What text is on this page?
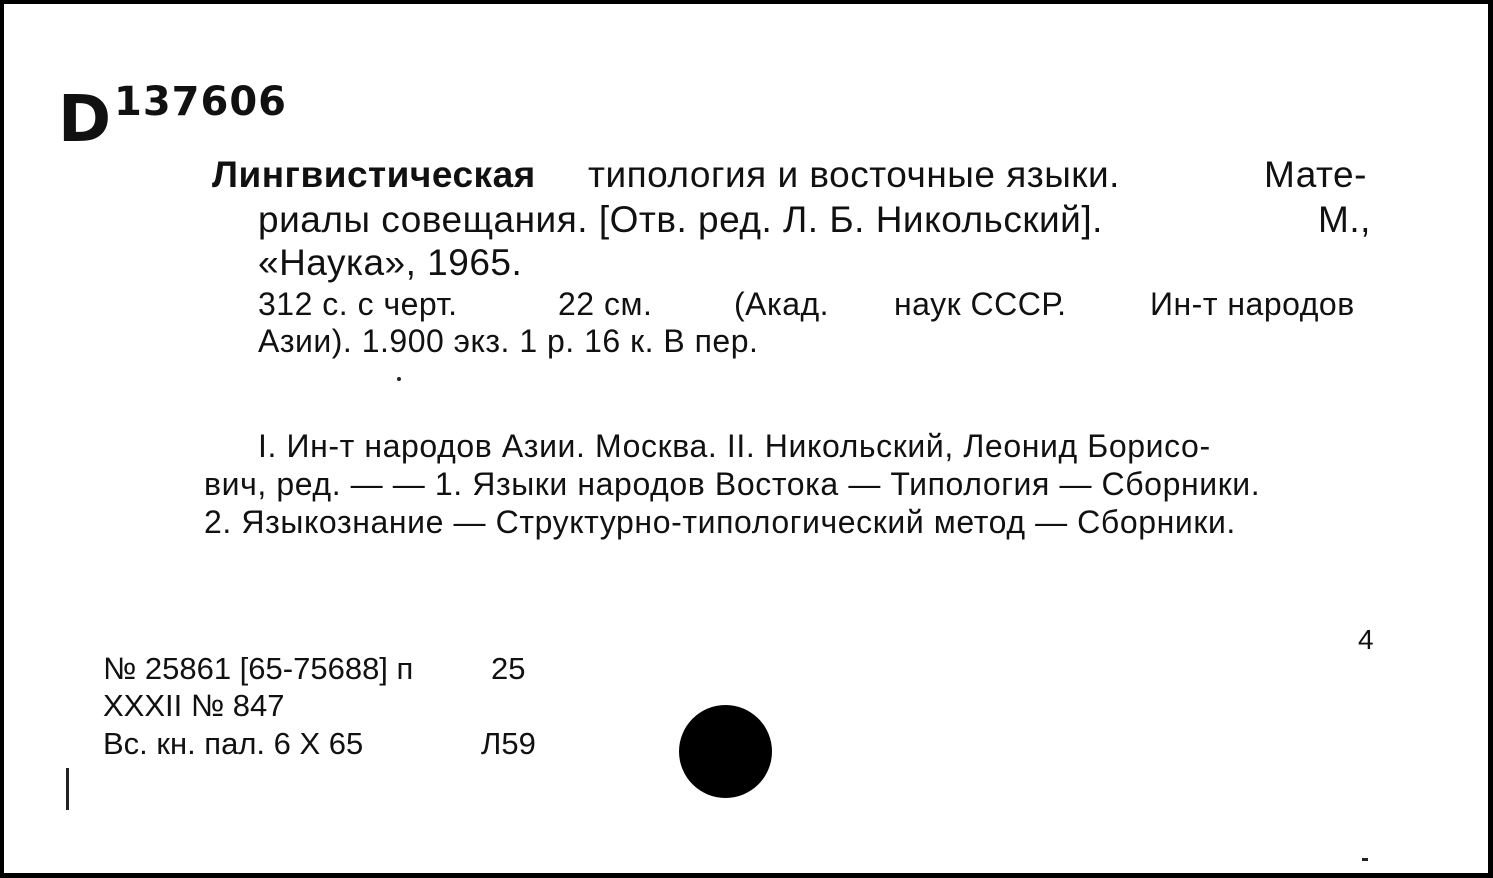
D 137606
Лингвистическая типология и восточные языки.	Мате-
риалы совещания. [Отв. ред. Л. Б. Никольский].	М.,
«Наука», 1965.
312 с. с черт.	22 см.	(Акад. наук СССР.	Ин-т народов
Азии). 1.900 экз. 1 р. 16 к. В пер.
I. Ин-т народов Азии. Москва. II. Никольский, Леонид Борисо-
вич, ред. — — 1. Языки народов Востока — Типология — Сборники.
2. Языкознание — Структурно-типологический метод — Сборники.
№ 25861 [65-75688] п	25
XXXII № 847
Вс. кн. пал. 6 X 65	Л59
4
